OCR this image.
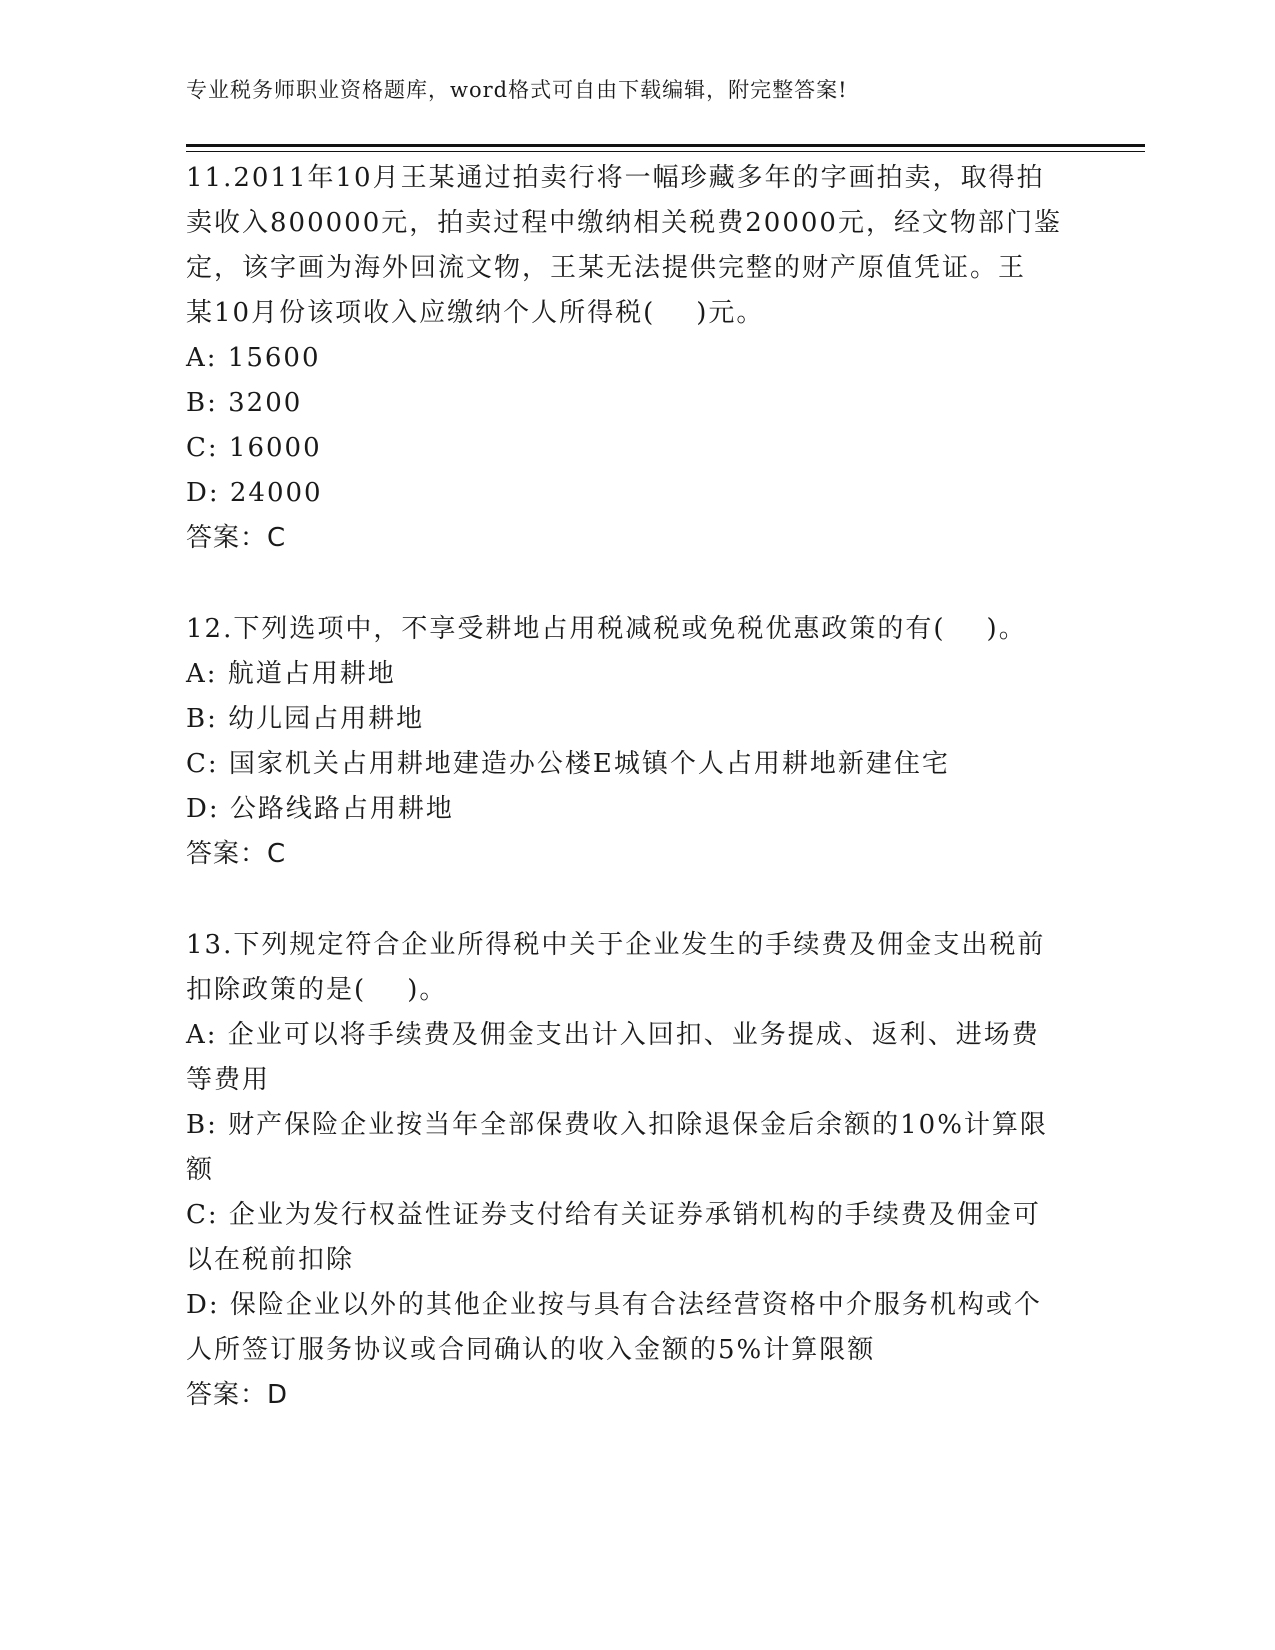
专业税务师职业资格题库，word格式可自由下载编辑，附完整答案!
11.2011年10月王某通过拍卖行将一幅珍藏多年的字画拍卖，取得拍
卖收入800000元，拍卖过程中缴纳相关税费20000元，经文物部门鉴
定，该字画为海外回流文物，王某无法提供完整的财产原值凭证。王
某10月份该项收入应缴纳个人所得税(    )元。
A: 15600
B: 3200
C: 16000
D: 24000
答案：C
12.下列选项中，不享受耕地占用税减税或免税优惠政策的有(    )。
A: 航道占用耕地
B: 幼儿园占用耕地
C: 国家机关占用耕地建造办公楼E城镇个人占用耕地新建住宅
D: 公路线路占用耕地
答案：C
13.下列规定符合企业所得税中关于企业发生的手续费及佣金支出税前
扣除政策的是(    )。
A: 企业可以将手续费及佣金支出计入回扣、业务提成、返利、进场费
等费用
B: 财产保险企业按当年全部保费收入扣除退保金后余额的10%计算限
额
C: 企业为发行权益性证券支付给有关证券承销机构的手续费及佣金可
以在税前扣除
D: 保险企业以外的其他企业按与具有合法经营资格中介服务机构或个
人所签订服务协议或合同确认的收入金额的5%计算限额
答案：D
